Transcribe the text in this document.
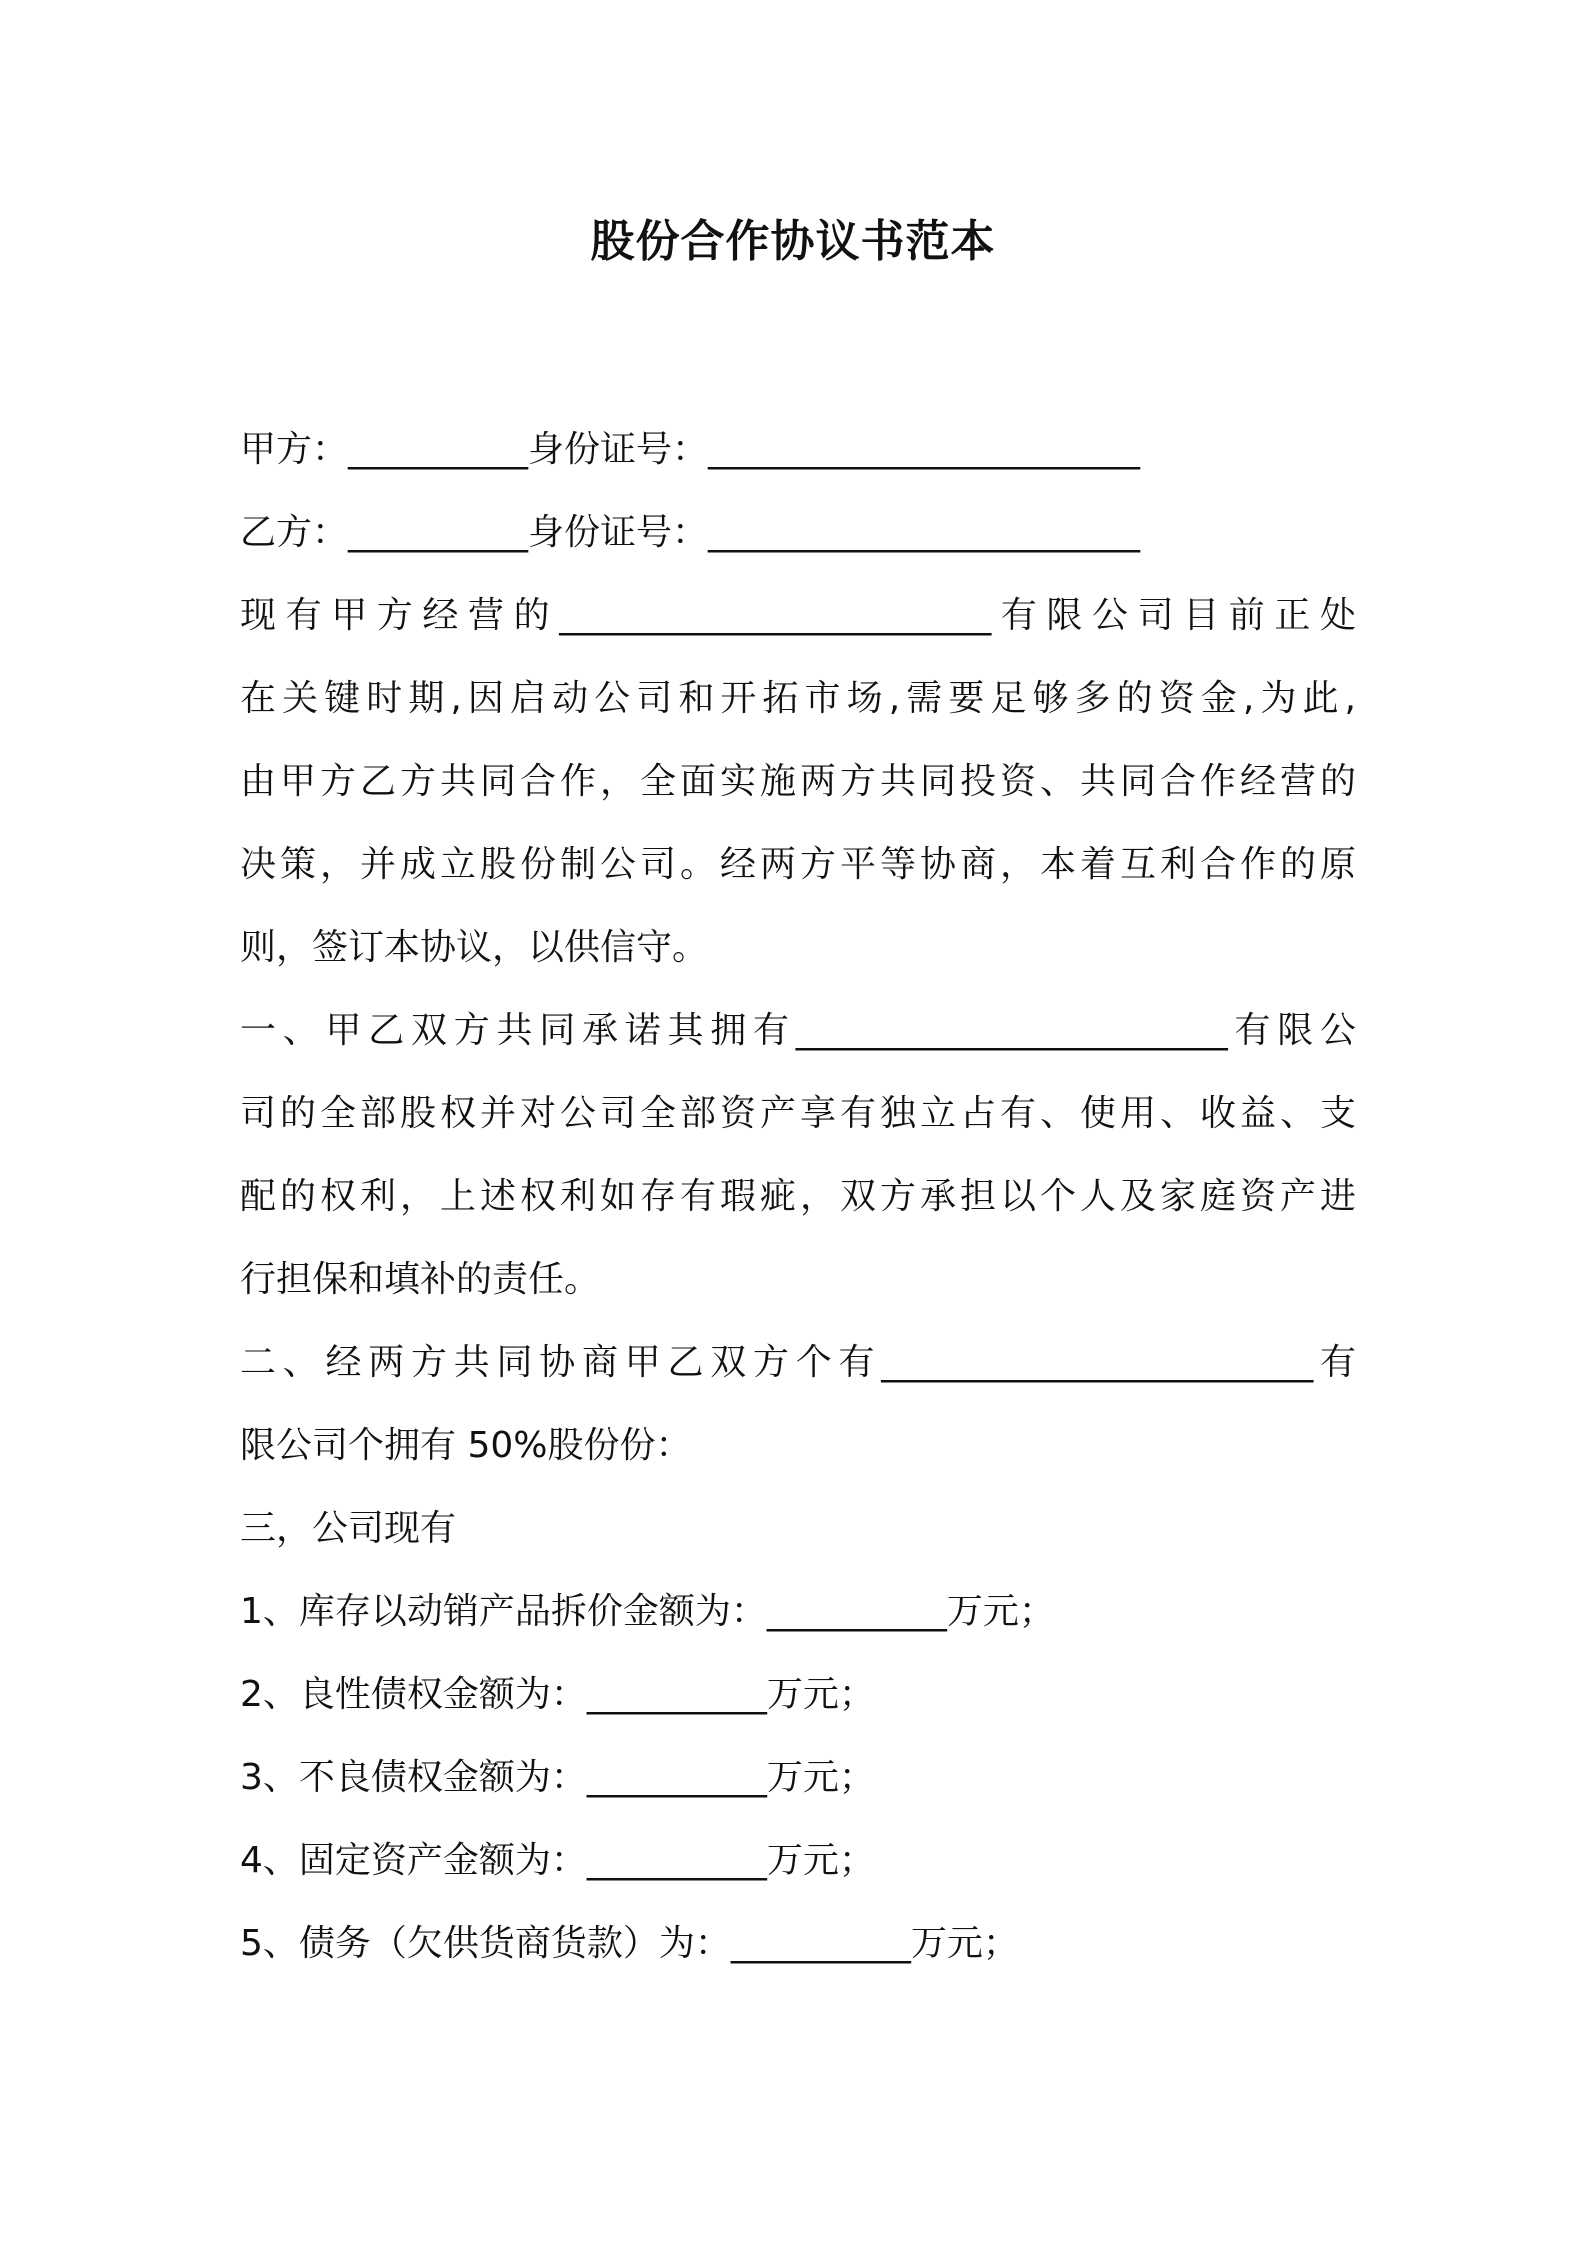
股份合作协议书范本
甲方：__________身份证号：________________________
乙方：__________身份证号：________________________
现有甲方经营的________________________有限公司目前正处
在关键时期,因启动公司和开拓市场,需要足够多的资金,为此,
由甲方乙方共同合作，全面实施两方共同投资、共同合作经营的
决策，并成立股份制公司。经两方平等协商，本着互利合作的原
则，签订本协议，以供信守。
一、甲乙双方共同承诺其拥有________________________有限公
司的全部股权并对公司全部资产享有独立占有、使用、收益、支
配的权利，上述权利如存有瑕疵，双方承担以个人及家庭资产进
行担保和填补的责任。
二、经两方共同协商甲乙双方个有________________________有
限公司个拥有 50%股份份：
三，公司现有
1、库存以动销产品拆价金额为：__________万元；
2、良性债权金额为：__________万元；
3、不良债权金额为：__________万元；
4、固定资产金额为：__________万元；
5、债务（欠供货商货款）为：__________万元；
